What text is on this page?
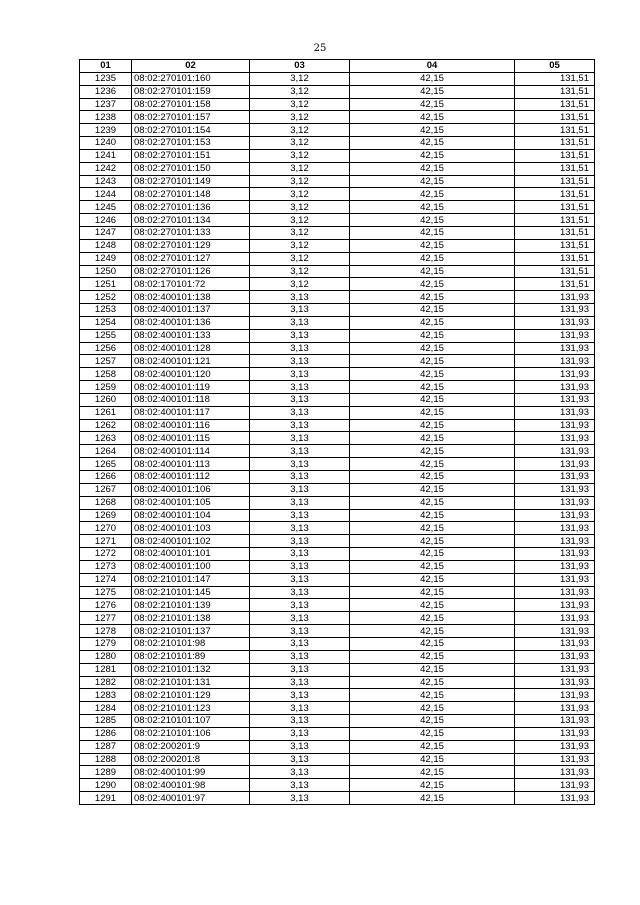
25
01	02	03	04	05
1235	08:02:270101:160	3,12	42,15	131,51
1236	08:02:270101:159	3,12	42,15	131,51
1237	08:02:270101:158	3,12	42,15	131,51
1238	08:02:270101:157	3,12	42,15	131,51
1239	08:02:270101:154	3,12	42,15	131,51
1240	08:02:270101:153	3,12	42,15	131,51
1241	08:02:270101:151	3,12	42,15	131,51
1242	08:02:270101:150	3,12	42,15	131,51
1243	08:02:270101:149	3,12	42,15	131,51
1244	08:02:270101:148	3,12	42,15	131,51
1245	08:02:270101:136	3,12	42,15	131,51
1246	08:02:270101:134	3,12	42,15	131,51
1247	08:02:270101:133	3,12	42,15	131,51
1248	08:02:270101:129	3,12	42,15	131,51
1249	08:02:270101:127	3,12	42,15	131,51
1250	08:02:270101:126	3,12	42,15	131,51
1251	08:02:170101:72	3,12	42,15	131,51
1252	08:02:400101:138	3,13	42,15	131,93
1253	08:02:400101:137	3,13	42,15	131,93
1254	08:02:400101:136	3,13	42,15	131,93
1255	08:02:400101:133	3,13	42,15	131,93
1256	08:02:400101:128	3,13	42,15	131,93
1257	08:02:400101:121	3,13	42,15	131,93
1258	08:02:400101:120	3,13	42,15	131,93
1259	08:02:400101:119	3,13	42,15	131,93
1260	08:02:400101:118	3,13	42,15	131,93
1261	08:02:400101:117	3,13	42,15	131,93
1262	08:02:400101:116	3,13	42,15	131,93
1263	08:02:400101:115	3,13	42,15	131,93
1264	08:02:400101:114	3,13	42,15	131,93
1265	08:02:400101:113	3,13	42,15	131,93
1266	08:02:400101:112	3,13	42,15	131,93
1267	08:02:400101:106	3,13	42,15	131,93
1268	08:02:400101:105	3,13	42,15	131,93
1269	08:02:400101:104	3,13	42,15	131,93
1270	08:02:400101:103	3,13	42,15	131,93
1271	08:02:400101:102	3,13	42,15	131,93
1272	08:02:400101:101	3,13	42,15	131,93
1273	08:02:400101:100	3,13	42,15	131,93
1274	08:02:210101:147	3,13	42,15	131,93
1275	08:02:210101:145	3,13	42,15	131,93
1276	08:02:210101:139	3,13	42,15	131,93
1277	08:02:210101:138	3,13	42,15	131,93
1278	08:02:210101:137	3,13	42,15	131,93
1279	08:02:210101:98	3,13	42,15	131,93
1280	08:02:210101:89	3,13	42,15	131,93
1281	08:02:210101:132	3,13	42,15	131,93
1282	08:02:210101:131	3,13	42,15	131,93
1283	08:02:210101:129	3,13	42,15	131,93
1284	08:02:210101:123	3,13	42,15	131,93
1285	08:02:210101:107	3,13	42,15	131,93
1286	08:02:210101:106	3,13	42,15	131,93
1287	08:02:200201:9	3,13	42,15	131,93
1288	08:02:200201:8	3,13	42,15	131,93
1289	08:02:400101:99	3,13	42,15	131,93
1290	08:02:400101:98	3,13	42,15	131,93
1291	08:02:400101:97	3,13	42,15	131,93
